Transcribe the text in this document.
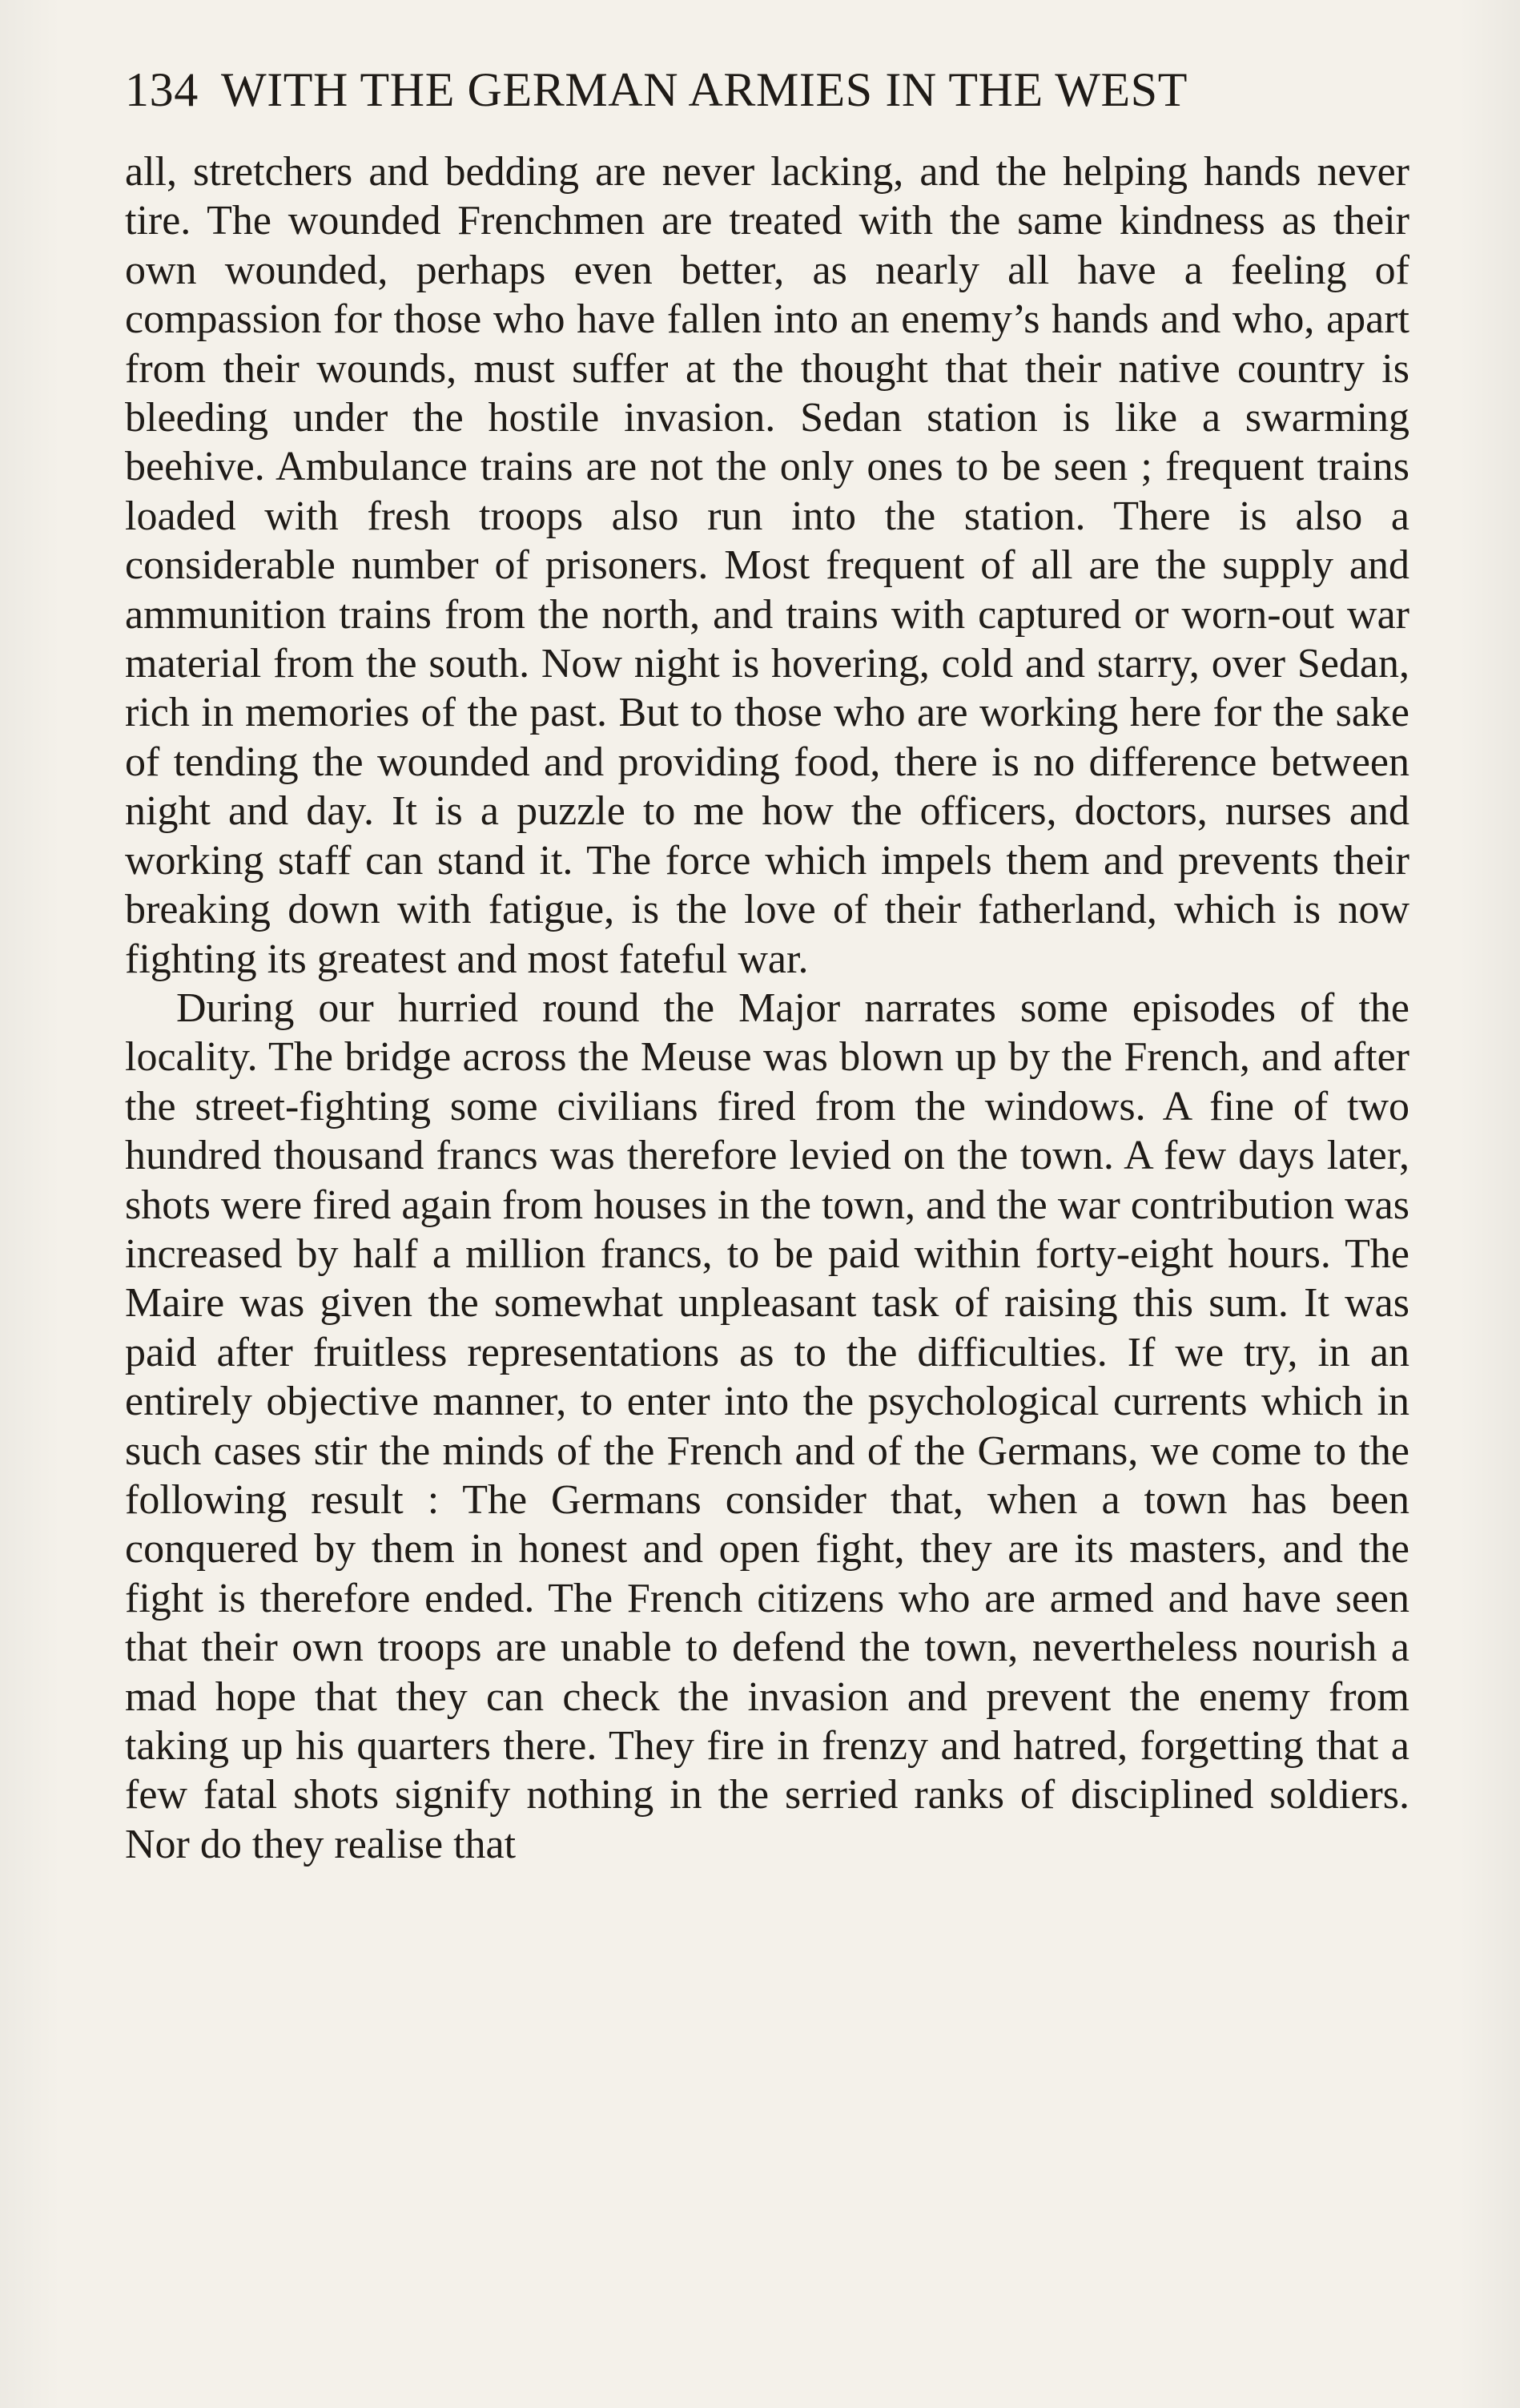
134 WITH THE GERMAN ARMIES IN THE WEST

all, stretchers and bedding are never lacking, and the helping hands never tire. The wounded Frenchmen are treated with the same kindness as their own wounded, perhaps even better, as nearly all have a feeling of compassion for those who have fallen into an enemy’s hands and who, apart from their wounds, must suffer at the thought that their native country is bleeding under the hostile invasion. Sedan station is like a swarming beehive. Ambulance trains are not the only ones to be seen ; frequent trains loaded with fresh troops also run into the station. There is also a considerable number of prisoners. Most frequent of all are the supply and ammunition trains from the north, and trains with captured or worn-out war material from the south. Now night is hovering, cold and starry, over Sedan, rich in memories of the past. But to those who are working here for the sake of tending the wounded and providing food, there is no difference between night and day. It is a puzzle to me how the officers, doctors, nurses and working staff can stand it. The force which impels them and prevents their breaking down with fatigue, is the love of their fatherland, which is now fighting its greatest and most fateful war.

During our hurried round the Major narrates some episodes of the locality. The bridge across the Meuse was blown up by the French, and after the street-fighting some civilians fired from the windows. A fine of two hundred thousand francs was therefore levied on the town. A few days later, shots were fired again from houses in the town, and the war contribution was increased by half a million francs, to be paid within forty-eight hours. The Maire was given the somewhat unpleasant task of raising this sum. It was paid after fruitless representations as to the difficulties. If we try, in an entirely objective manner, to enter into the psychological currents which in such cases stir the minds of the French and of the Germans, we come to the following result : The Germans consider that, when a town has been conquered by them in honest and open fight, they are its masters, and the fight is therefore ended. The French citizens who are armed and have seen that their own troops are unable to defend the town, nevertheless nourish a mad hope that they can check the invasion and prevent the enemy from taking up his quarters there. They fire in frenzy and hatred, forgetting that a few fatal shots signify nothing in the serried ranks of disciplined soldiers. Nor do they realise that
